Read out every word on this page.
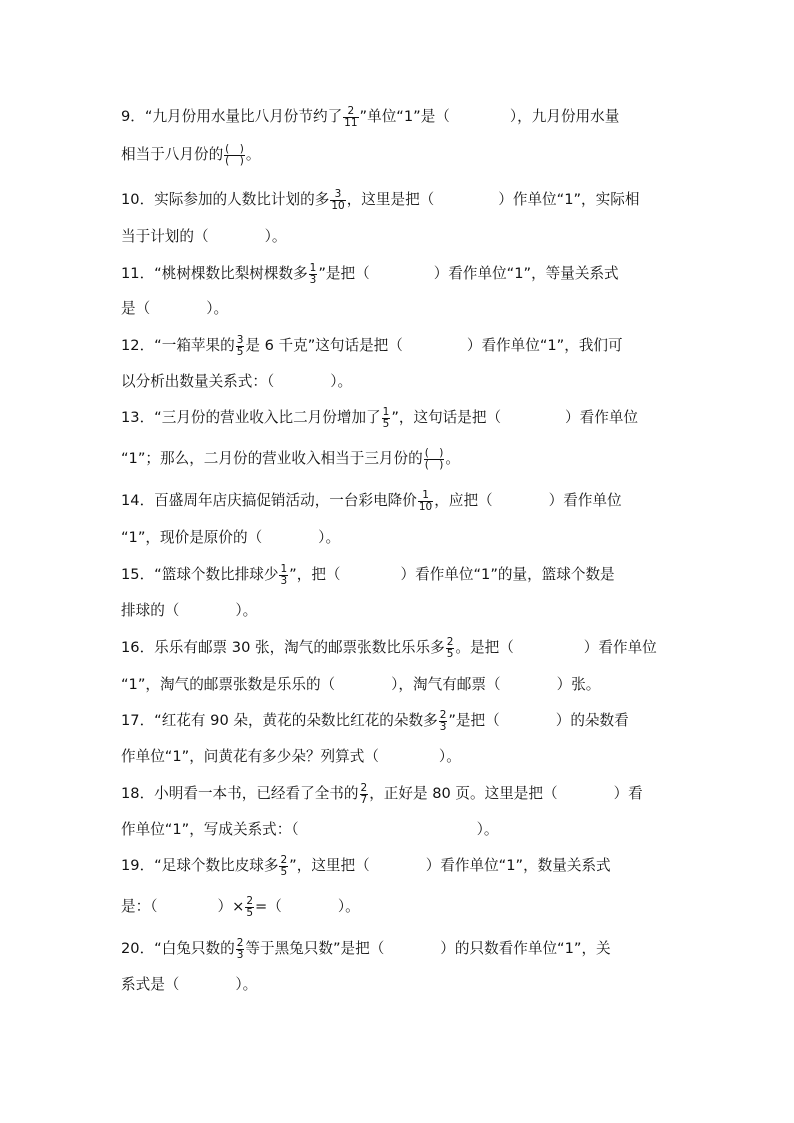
9．“九月份用水量比八月份节约了 $\frac{2}{11}$ ”单位“1”是（	），九月份用水量
相当于八月份的 $\frac{( )}{( )}$ 。
10．实际参加的人数比计划的多 $\frac{3}{10}$ ，这里是把（	）作单位“1”，实际相
当于计划的（	）。
11．“桃树棵数比梨树棵数多 $\frac{1}{3}$ ”是把（	）看作单位“1”，等量关系式
是（	）。
12．“一箱苹果的 $\frac{3}{5}$ 是 6 千克”这句话是把（	）看作单位“1”，我们可
以分析出数量关系式：（	）。
13．“三月份的营业收入比二月份增加了 $\frac{1}{5}$ ”，这句话是把（	）看作单位
“1”；那么，二月份的营业收入相当于三月份的 $\frac{( )}{( )}$ 。
14．百盛周年店庆搞促销活动，一台彩电降价 $\frac{1}{10}$ ，应把（	）看作单位
“1”，现价是原价的（	）。
15．“篮球个数比排球少 $\frac{1}{3}$ ”，把（	）看作单位“1”的量，篮球个数是
排球的（	）。
16．乐乐有邮票 30 张，淘气的邮票张数比乐乐多 $\frac{2}{5}$ 。是把（	）看作单位
“1”，淘气的邮票张数是乐乐的（	），淘气有邮票（	）张。
17．“红花有 90 朵，黄花的朵数比红花的朵数多 $\frac{2}{3}$ ”是把（	）的朵数看
作单位“1”，问黄花有多少朵？列算式（	）。
18．小明看一本书，已经看了全书的 $\frac{2}{7}$ ，正好是 80 页。这里是把（	）看
作单位“1”，写成关系式：（	）。
19．“足球个数比皮球多 $\frac{2}{5}$ ”，这里把（	）看作单位“1”，数量关系式
是：（	）× $\frac{2}{5}$ =（	）。
20．“白兔只数的 $\frac{2}{3}$ 等于黑兔只数”是把（	）的只数看作单位“1”，关
系式是（	）。
